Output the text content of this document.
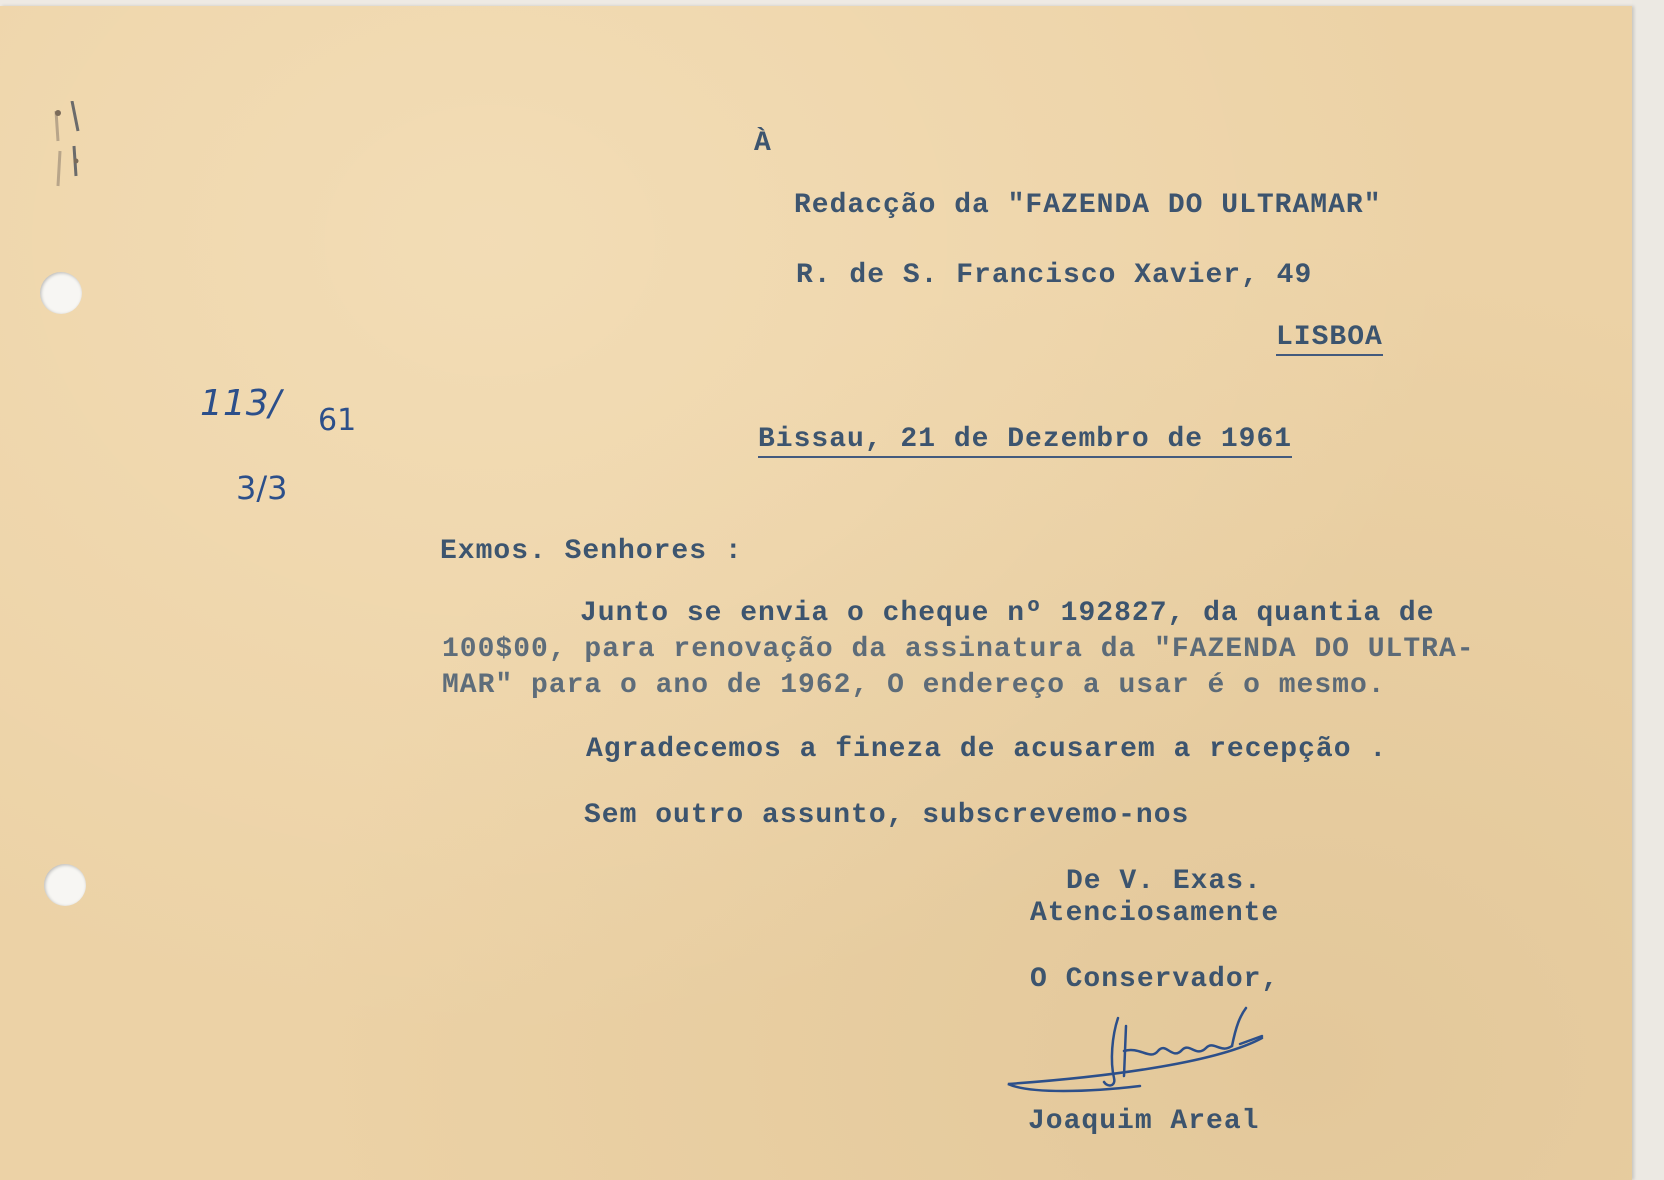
À
Redacção da "FAZENDA DO ULTRAMAR"
R. de S. Francisco Xavier, 49
LISBOA
Bissau, 21 de Dezembro de 1961
113/ 61
3/3
Exmos. Senhores :
Junto se envia o cheque nº 192827, da quantia de
100$00, para renovação da assinatura da "FAZENDA DO ULTRA-
MAR" para o ano de 1962, O endereço a usar é o mesmo.
Agradecemos a fineza de acusarem a recepção .
Sem outro assunto, subscrevemo-nos
De V. Exas.
Atenciosamente
O Conservador,
Joaquim Areal
